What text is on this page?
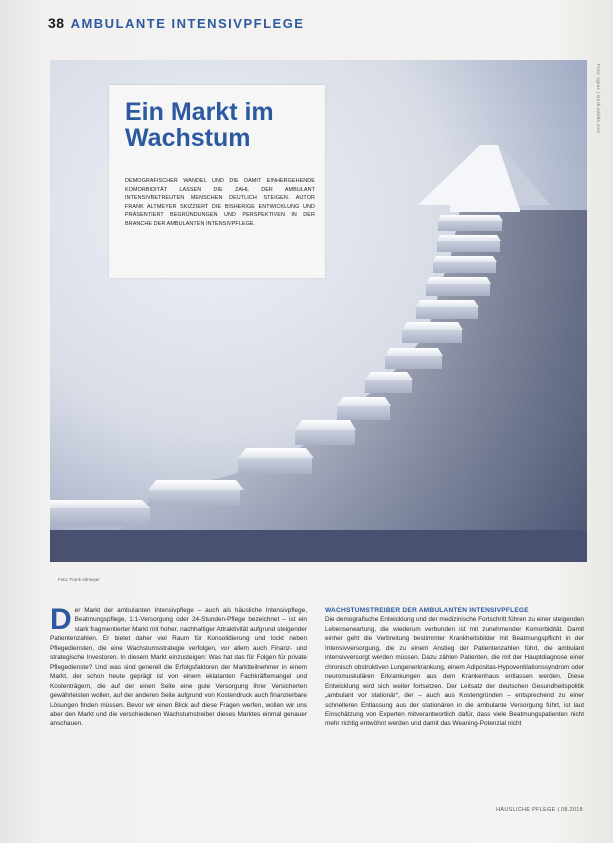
38 AMBULANTE INTENSIVPFLEGE
Foto: agrus | stock.adobe.com
Ein Markt im Wachstum

DEMOGRAFISCHER WANDEL UND DIE DAMIT EINHERGEHENDE KOMORBIDITÄT LASSEN DIE ZAHL DER AMBULANT INTENSIVBETREUTEN MENSCHEN DEUTLICH STEIGEN. AUTOR FRANK ALTMEYER SKIZZIERT DIE BISHERIGE ENTWICKLUNG UND PRÄSENTIERT BEGRÜNDUNGEN UND PERSPEKTIVEN IN DER BRANCHE DER AMBULANTEN INTENSIVPFLEGE.

Foto: Frank Altmeyer
D er Markt der ambulanten Intensivpflege – auch als häusliche Intensivpflege, Beatmungspflege, 1:1-Versorgung oder 24-Stunden-Pflege bezeichnet – ist ein stark fragmentierter Markt mit hoher, nachhaltiger Attraktivität aufgrund steigender Patientenzahlen. Er bietet daher viel Raum für Konsolidierung und lockt neben Pflegediensten, die eine Wachstumsstrategie verfolgen, vor allem auch Finanz- und strategische Investoren. In diesem Markt einzusteigen: Was hat das für Folgen für private Pflegedienste? Und was sind generell die Erfolgsfaktoren der Marktteilnehmer in einem Markt, der schon heute geprägt ist von einem eklatanten Fachkräftemangel und Kostenträgern, die auf der einen Seite eine gute Versorgung ihrer Versicherten gewährleisten wollen, auf der anderen Seite aufgrund von Kostendruck auch finanzierbare Lösungen finden müssen. Bevor wir einen Blick auf diese Fragen werfen, wollen wir uns aber den Markt und die verschiedenen Wachstumstreiber dieses Marktes einmal genauer anschauen.

WACHSTUMSTREIBER DER AMBULANTEN INTENSIVPFLEGE

Die demografische Entwicklung und der medizinische Fortschritt führen zu einer steigenden Lebenserwartung, die wiederum verbunden ist mit zunehmender Komorbidität. Damit einher geht die Verbreitung bestimmter Krankheitsbilder mit Beatmungspflicht in der Intensivversorgung, die zu einem Anstieg der Patientenzahlen führt, die ambulant intensivversorgt werden müssen. Dazu zählen Patienten, die mit der Hauptdiagnose einer chronisch obstruktiven Lungenerkrankung, einem Adipositas-Hypoventilationssyndrom oder neuromuskulären Erkrankungen aus dem Krankenhaus entlassen werden. Diese Entwicklung wird sich weiter fortsetzen. Der Leitsatz der deutschen Gesundheitspolitik „ambulant vor stationär“, der – auch aus Kostengründen – entsprechend zu einer schnelleren Entlassung aus der stationären in die ambulante Versorgung führt, ist laut Einschätzung von Experten mitverantwortlich dafür, dass viele Beatmungspatienten nicht mehr richtig entwöhnt werden und damit das Weaning-Potenzial nicht

HÄUSLICHE PFLEGE | 08.2018
